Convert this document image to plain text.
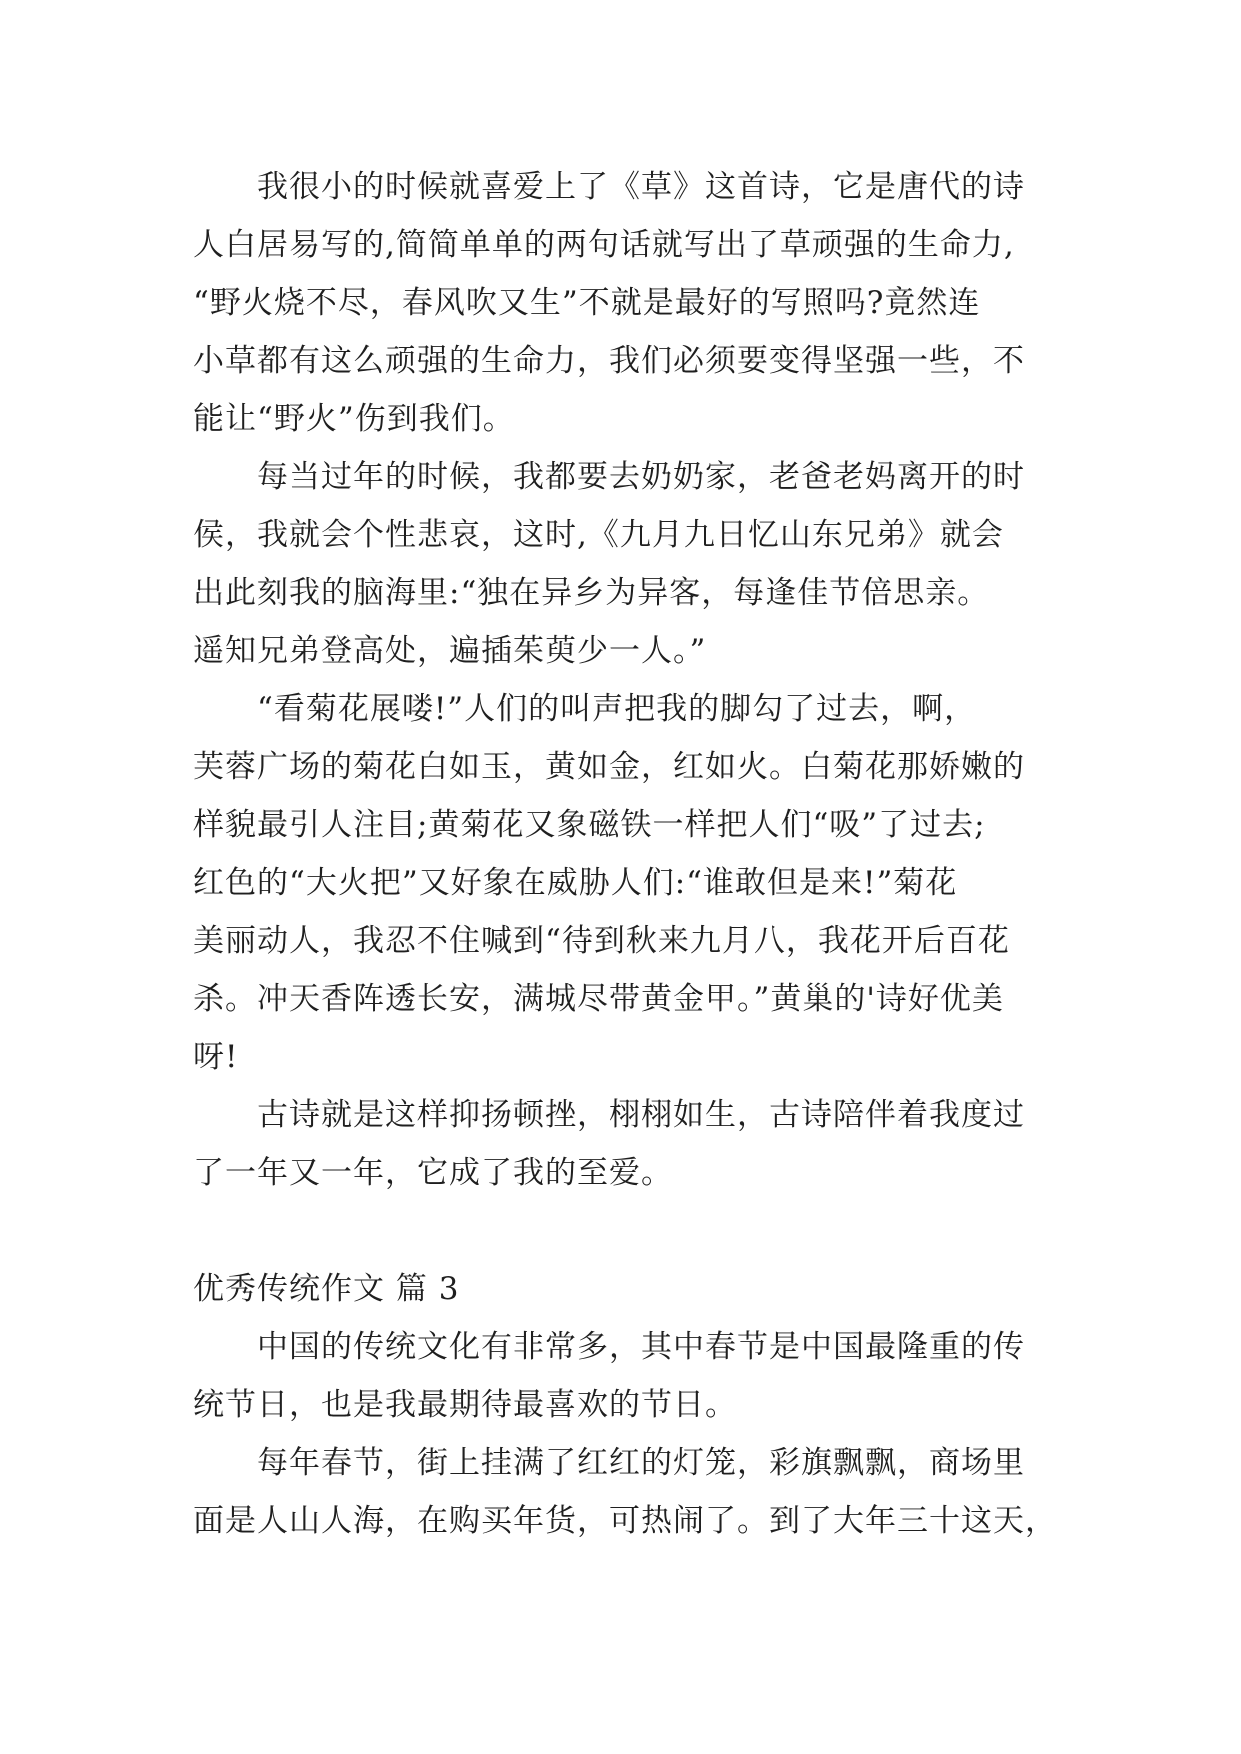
我很小的时候就喜爱上了《草》这首诗，它是唐代的诗
人白居易写的,简简单单的两句话就写出了草顽强的生命力,
“野火烧不尽，春风吹又生”不就是最好的写照吗?竟然连
小草都有这么顽强的生命力，我们必须要变得坚强一些，不
能让“野火”伤到我们。
每当过年的时候，我都要去奶奶家，老爸老妈离开的时
侯，我就会个性悲哀，这时,《九月九日忆山东兄弟》就会
出此刻我的脑海里:“独在异乡为异客，每逢佳节倍思亲。
遥知兄弟登高处，遍插茱萸少一人。”
“看菊花展喽!”人们的叫声把我的脚勾了过去，啊，
芙蓉广场的菊花白如玉，黄如金，红如火。白菊花那娇嫩的
样貌最引人注目;黄菊花又象磁铁一样把人们“吸”了过去;
红色的“大火把”又好象在威胁人们:“谁敢但是来!”菊花
美丽动人，我忍不住喊到“待到秋来九月八，我花开后百花
杀。冲天香阵透长安，满城尽带黄金甲。”黄巢的'诗好优美
呀!
古诗就是这样抑扬顿挫，栩栩如生，古诗陪伴着我度过
了一年又一年，它成了我的至爱。
优秀传统作文 篇 3
中国的传统文化有非常多，其中春节是中国最隆重的传
统节日，也是我最期待最喜欢的节日。
每年春节，街上挂满了红红的灯笼，彩旗飘飘，商场里
面是人山人海，在购买年货，可热闹了。到了大年三十这天，
